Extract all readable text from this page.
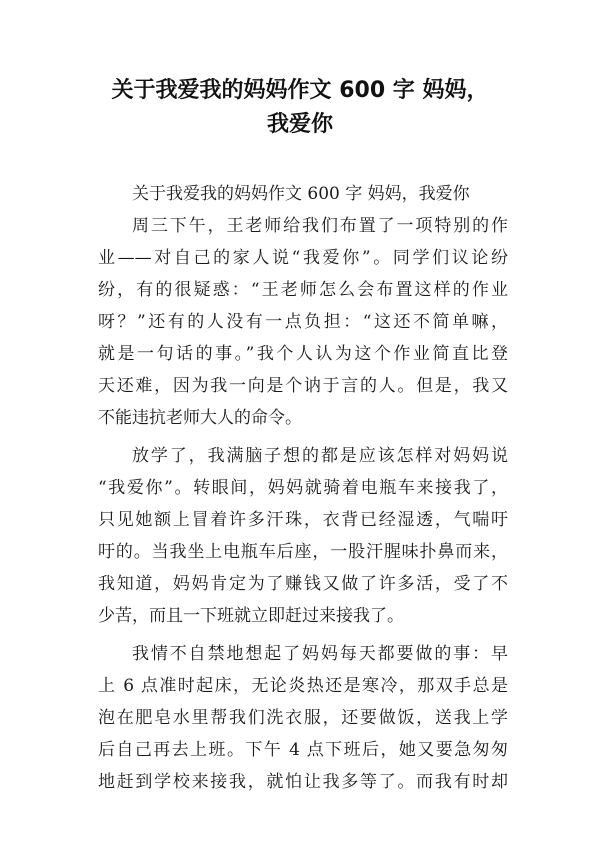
关于我爱我的妈妈作文 600 字 妈妈，
我爱你
关于我爱我的妈妈作文 600 字 妈妈，我爱你
周三下午，王老师给我们布置了一项特别的作
业——对自己的家人说“我爱你”。同学们议论纷
纷，有的很疑惑：“王老师怎么会布置这样的作业
呀？”还有的人没有一点负担：“这还不简单嘛，
就是一句话的事。”我个人认为这个作业简直比登
天还难，因为我一向是个讷于言的人。但是，我又
不能违抗老师大人的命令。
放学了，我满脑子想的都是应该怎样对妈妈说
“我爱你”。转眼间，妈妈就骑着电瓶车来接我了，
只见她额上冒着许多汗珠，衣背已经湿透，气喘吁
吁的。当我坐上电瓶车后座，一股汗腥味扑鼻而来，
我知道，妈妈肯定为了赚钱又做了许多活，受了不
少苦，而且一下班就立即赶过来接我了。
我情不自禁地想起了妈妈每天都要做的事：早
上 6 点准时起床，无论炎热还是寒冷，那双手总是
泡在肥皂水里帮我们洗衣服，还要做饭，送我上学
后自己再去上班。下午 4 点下班后，她又要急匆匆
地赶到学校来接我，就怕让我多等了。而我有时却
